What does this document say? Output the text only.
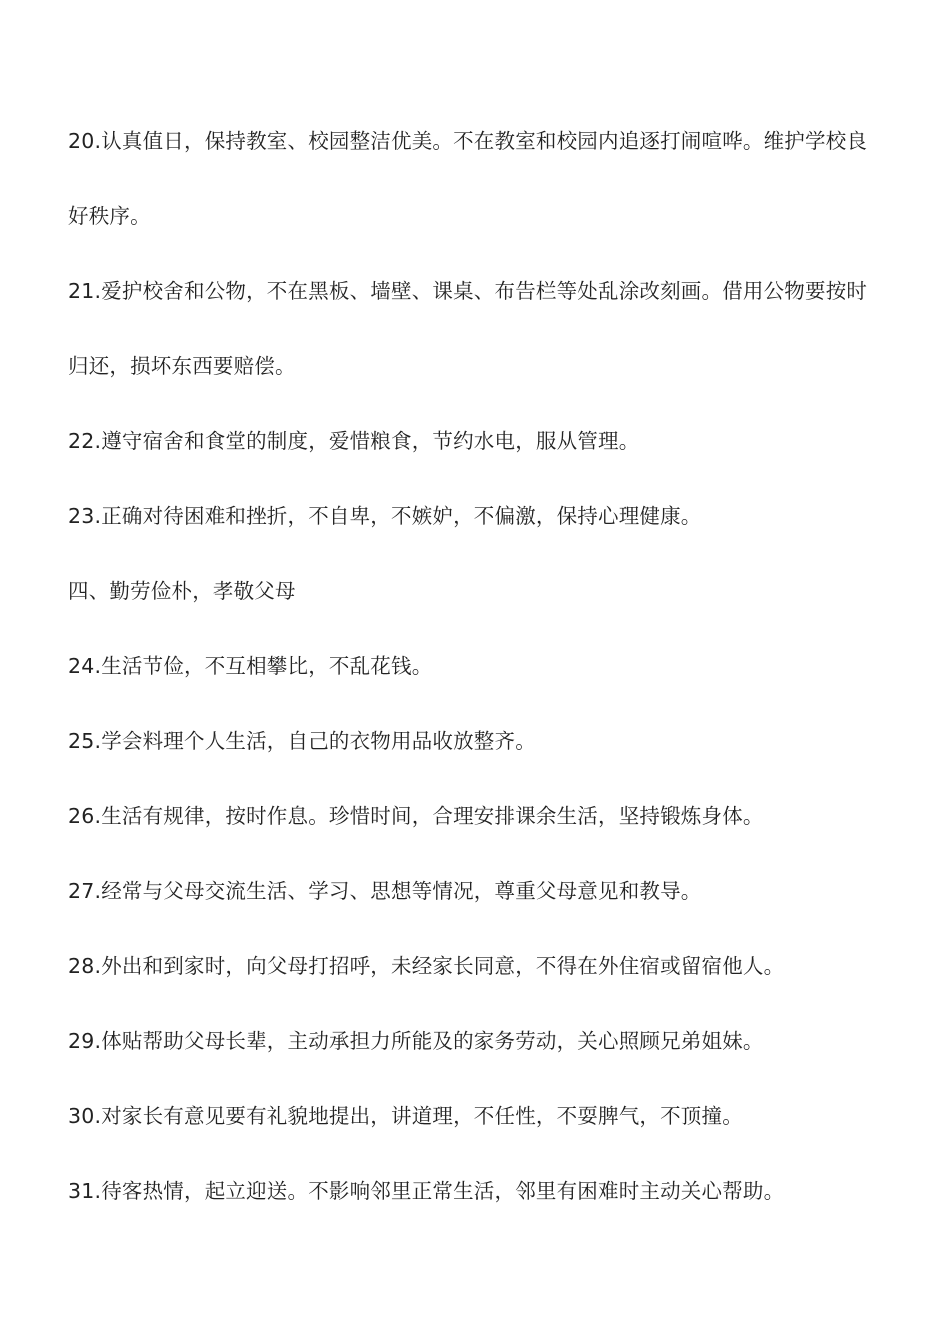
20.认真值日，保持教室、校园整洁优美。不在教室和校园内追逐打闹喧哗。维护学校良好秩序。

21.爱护校舍和公物，不在黑板、墙壁、课桌、布告栏等处乱涂改刻画。借用公物要按时归还，损坏东西要赔偿。

22.遵守宿舍和食堂的制度，爱惜粮食，节约水电，服从管理。

23.正确对待困难和挫折，不自卑，不嫉妒，不偏激，保持心理健康。

四、勤劳俭朴，孝敬父母

24.生活节俭，不互相攀比，不乱花钱。

25.学会料理个人生活，自己的衣物用品收放整齐。

26.生活有规律，按时作息。珍惜时间，合理安排课余生活，坚持锻炼身体。

27.经常与父母交流生活、学习、思想等情况，尊重父母意见和教导。

28.外出和到家时，向父母打招呼，未经家长同意，不得在外住宿或留宿他人。

29.体贴帮助父母长辈，主动承担力所能及的家务劳动，关心照顾兄弟姐妹。

30.对家长有意见要有礼貌地提出，讲道理，不任性，不耍脾气，不顶撞。

31.待客热情，起立迎送。不影响邻里正常生活，邻里有困难时主动关心帮助。
